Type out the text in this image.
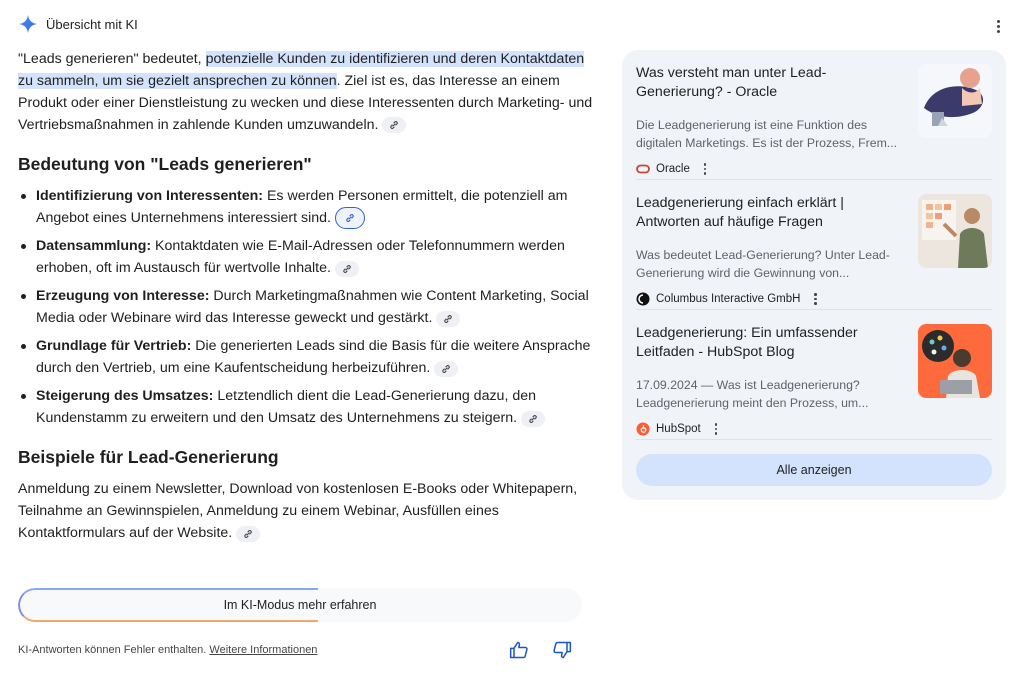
Übersicht mit KI

"Leads generieren" bedeutet, potenzielle Kunden zu identifizieren und deren Kontaktdaten zu sammeln, um sie gezielt ansprechen zu können. Ziel ist es, das Interesse an einem Produkt oder einer Dienstleistung zu wecken und diese Interessenten durch Marketing- und Vertriebsmaßnahmen in zahlende Kunden umzuwandeln.

Bedeutung von "Leads generieren"
Identifizierung von Interessenten: Es werden Personen ermittelt, die potenziell am Angebot eines Unternehmens interessiert sind.
Datensammlung: Kontaktdaten wie E-Mail-Adressen oder Telefonnummern werden erhoben, oft im Austausch für wertvolle Inhalte.
Erzeugung von Interesse: Durch Marketingmaßnahmen wie Content Marketing, Social Media oder Webinare wird das Interesse geweckt und gestärkt.
Grundlage für Vertrieb: Die generierten Leads sind die Basis für die weitere Ansprache durch den Vertrieb, um eine Kaufentscheidung herbeizuführen.
Steigerung des Umsatzes: Letztendlich dient die Lead-Generierung dazu, den Kundenstamm zu erweitern und den Umsatz des Unternehmens zu steigern.
Beispiele für Lead-Generierung

Anmeldung zu einem Newsletter, Download von kostenlosen E-Books oder Whitepapern, Teilnahme an Gewinnspielen, Anmeldung zu einem Webinar, Ausfüllen eines Kontaktformulars auf der Website.

Im KI-Modus mehr erfahren
KI-Antworten können Fehler enthalten. Weitere Informationen
Was versteht man unter Lead-Generierung? - Oracle
Die Leadgenerierung ist eine Funktion des digitalen Marketings. Es ist der Prozess, Frem...
Oracle
Leadgenerierung einfach erklärt | Antworten auf häufige Fragen
Was bedeutet Lead-Generierung? Unter Lead-Generierung wird die Gewinnung von...
Columbus Interactive GmbH
Leadgenerierung: Ein umfassender Leitfaden - HubSpot Blog
17.09.2024 — Was ist Leadgenerierung? Leadgenerierung meint den Prozess, um...
HubSpot
Alle anzeigen
